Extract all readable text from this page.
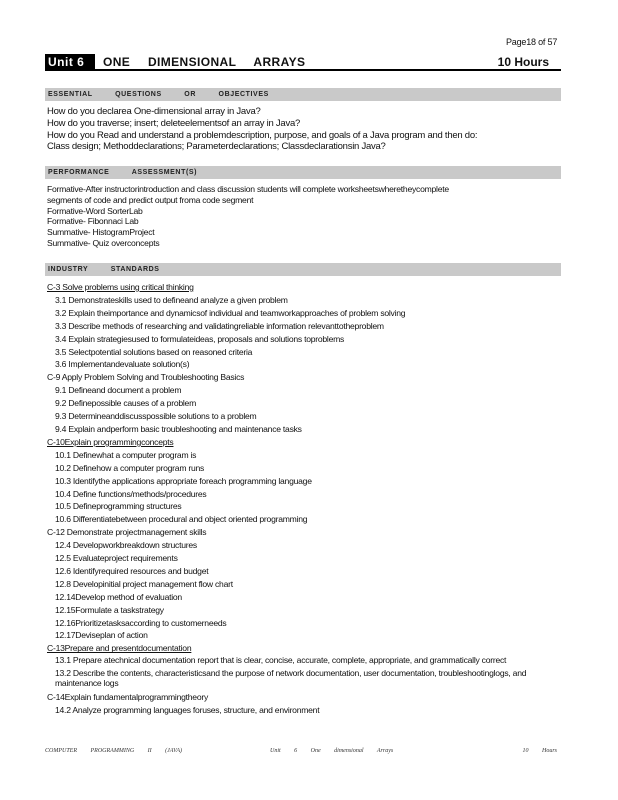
Page18 of 57
Unit 6	ONE DIMENSIONAL ARRAYS	10 Hours
ESSENTIAL QUESTIONS OR OBJECTIVES
How do you declarea One-dimensional array in Java?
How do you traverse; insert; deleteelementsof an array in Java?
How do you Read and understand a problemdescription, purpose, and goals of a Java program and then do:
Class design; Methoddeclarations; Parameterdeclarations; Classdeclarationsin Java?
PERFORMANCE ASSESSMENT(S)
Formative-After instructorintroduction and class discussion students will complete worksheetswheretheycomplete
segments of code and predict output froma code segment
Formative-Word SorterLab
Formative- Fibonnaci Lab
Summative- HistogramProject
Summative- Quiz overconcepts
INDUSTRY STANDARDS
C-3 Solve problems using critical thinking
3.1 Demonstrateskills used to defineand analyze a given problem
3.2 Explain theimportance and dynamicsof individual and teamworkapproaches of problem solving
3.3 Describe methods of researching and validatingreliable information relevanttotheproblem
3.4 Explain strategiesused to formulateideas, proposals and solutions toproblems
3.5 Selectpotential solutions based on reasoned criteria
3.6 Implementandevaluate solution(s)
C-9 Apply Problem Solving and Troubleshooting Basics
9.1 Defineand document a problem
9.2 Definepossible causes of a problem
9.3 Determineanddiscusspossible solutions to a problem
9.4 Explain andperform basic troubleshooting and maintenance tasks
C-10Explain programmingconcepts
10.1 Definewhat a computer program is
10.2 Definehow a computer program runs
10.3 Identifythe applications appropriate foreach programming language
10.4 Define functions/methods/procedures
10.5 Defineprogramming structures
10.6 Differentiatebetween procedural and object oriented programming
C-12 Demonstrate projectmanagement skills
12.4 Developworkbreakdown structures
12.5 Evaluateproject requirements
12.6 Identifyrequired resources and budget
12.8 Developinitial project management flow chart
12.14Develop method of evaluation
12.15Formulate a taskstrategy
12.16Prioritizetasksaccording to customerneeds
12.17Deviseplan of action
C-13Prepare and presentdocumentation
13.1 Prepare atechnical documentation report that is clear, concise, accurate, complete, appropriate, and grammatically correct
13.2 Describe the contents, characteristicsand the purpose of network documentation, user documentation, troubleshootinglogs, and maintenance logs
C-14Explain fundamentalprogrammingtheory
14.2 Analyze programming languages foruses, structure, and environment
COMPUTER PROGRAMMING II (JAVA)	Unit 6 One dimensional Arrays	10 Hours
